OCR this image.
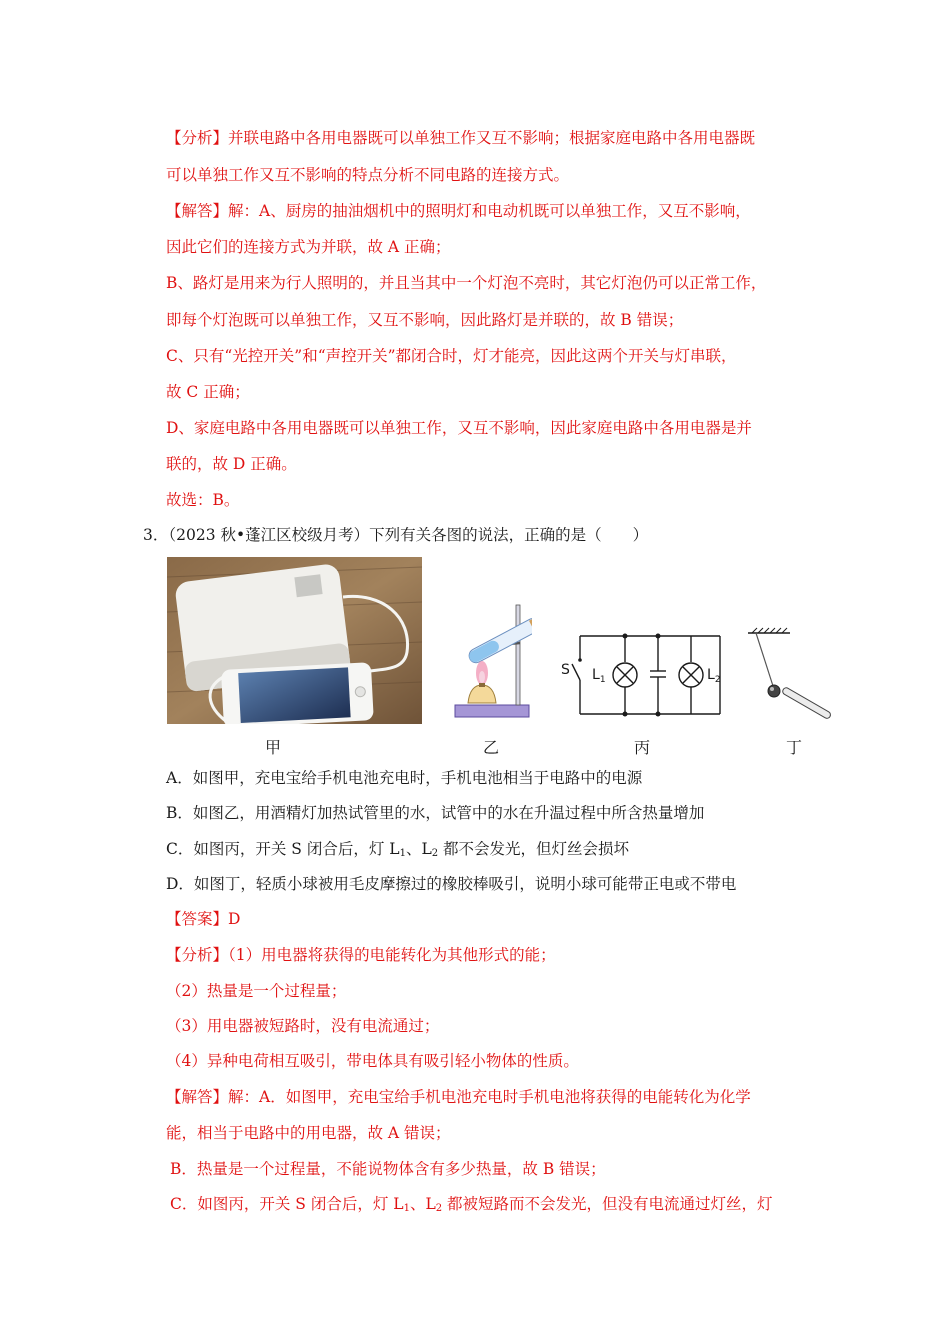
【分析】并联电路中各用电器既可以单独工作又互不影响；根据家庭电路中各用电器既
可以单独工作又互不影响的特点分析不同电路的连接方式。
【解答】解：A、厨房的抽油烟机中的照明灯和电动机既可以单独工作，又互不影响，
因此它们的连接方式为并联，故 A 正确；
B、路灯是用来为行人照明的，并且当其中一个灯泡不亮时，其它灯泡仍可以正常工作，
即每个灯泡既可以单独工作，又互不影响，因此路灯是并联的，故 B 错误；
C、只有“光控开关”和“声控开关”都闭合时，灯才能亮，因此这两个开关与灯串联，
故 C 正确；
D、家庭电路中各用电器既可以单独工作，又互不影响，因此家庭电路中各用电器是并
联的，故 D 正确。
故选：B。
3．（2023 秋•蓬江区校级月考）下列有关各图的说法，正确的是（　　）
S $L_1$	$L_2$
甲	乙	丙	丁
A．如图甲，充电宝给手机电池充电时，手机电池相当于电路中的电源
B．如图乙，用酒精灯加热试管里的水，试管中的水在升温过程中所含热量增加
C．如图丙，开关 S 闭合后，灯 $L_1$、$L_2$ 都不会发光，但灯丝会损坏
D．如图丁，轻质小球被用毛皮摩擦过的橡胶棒吸引，说明小球可能带正电或不带电
【答案】D
【分析】（1）用电器将获得的电能转化为其他形式的能；
（2）热量是一个过程量；
（3）用电器被短路时，没有电流通过；
（4）异种电荷相互吸引，带电体具有吸引轻小物体的性质。
【解答】解：A．如图甲，充电宝给手机电池充电时手机电池将获得的电能转化为化学
能，相当于电路中的用电器，故 A 错误；
B．热量是一个过程量，不能说物体含有多少热量，故 B 错误；
C．如图丙，开关 S 闭合后，灯 $L_1$、$L_2$ 都被短路而不会发光，但没有电流通过灯丝，灯
